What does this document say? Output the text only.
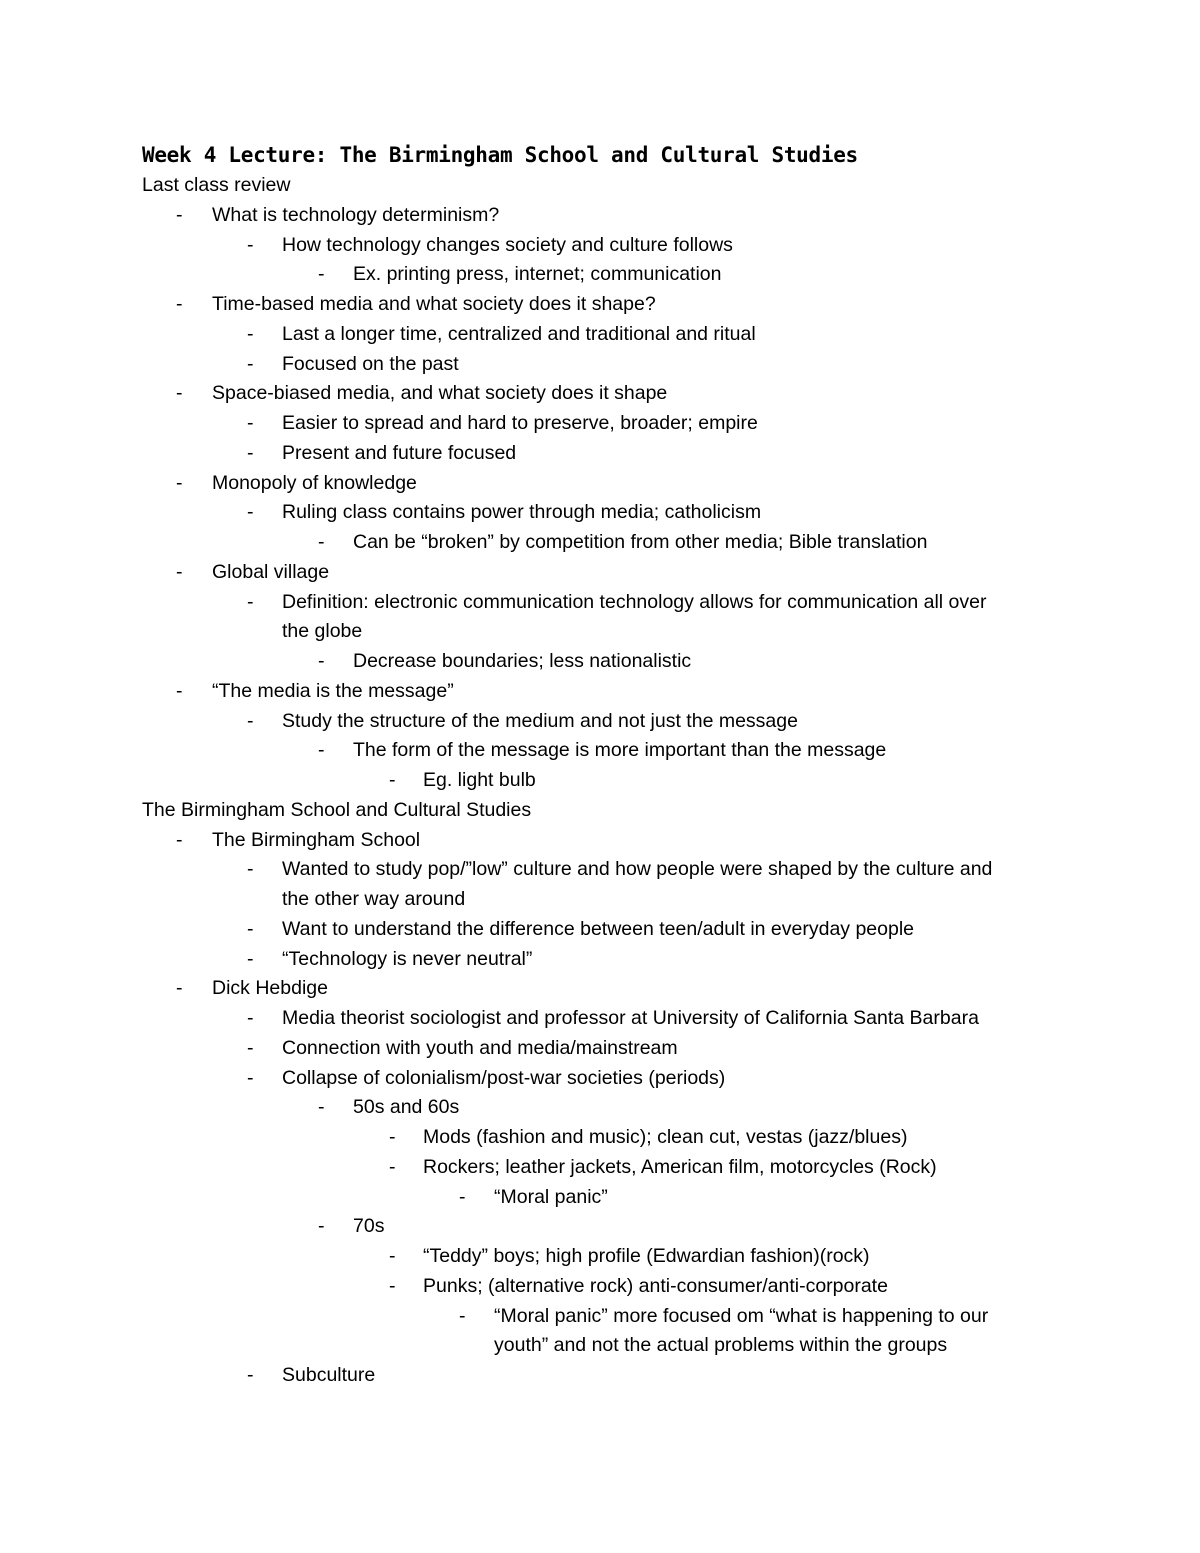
Week 4 Lecture: The Birmingham School and Cultural Studies
Last class review
- What is technology determinism?
- How technology changes society and culture follows
- Ex. printing press, internet; communication
- Time-based media and what society does it shape?
- Last a longer time, centralized and traditional and ritual
- Focused on the past
- Space-biased media, and what society does it shape
- Easier to spread and hard to preserve, broader; empire
- Present and future focused
- Monopoly of knowledge
- Ruling class contains power through media; catholicism
- Can be “broken” by competition from other media; Bible translation
- Global village
- Definition: electronic communication technology allows for communication all over
the globe
- Decrease boundaries; less nationalistic
- “The media is the message”
- Study the structure of the medium and not just the message
- The form of the message is more important than the message
- Eg. light bulb
The Birmingham School and Cultural Studies
- The Birmingham School
- Wanted to study pop/”low” culture and how people were shaped by the culture and
the other way around
- Want to understand the difference between teen/adult in everyday people
- “Technology is never neutral”
- Dick Hebdige
- Media theorist sociologist and professor at University of California Santa Barbara
- Connection with youth and media/mainstream
- Collapse of colonialism/post-war societies (periods)
- 50s and 60s
- Mods (fashion and music); clean cut, vestas (jazz/blues)
- Rockers; leather jackets, American film, motorcycles (Rock)
- “Moral panic”
- 70s
- “Teddy” boys; high profile (Edwardian fashion)(rock)
- Punks; (alternative rock) anti-consumer/anti-corporate
- “Moral panic” more focused om “what is happening to our
youth” and not the actual problems within the groups
- Subculture
